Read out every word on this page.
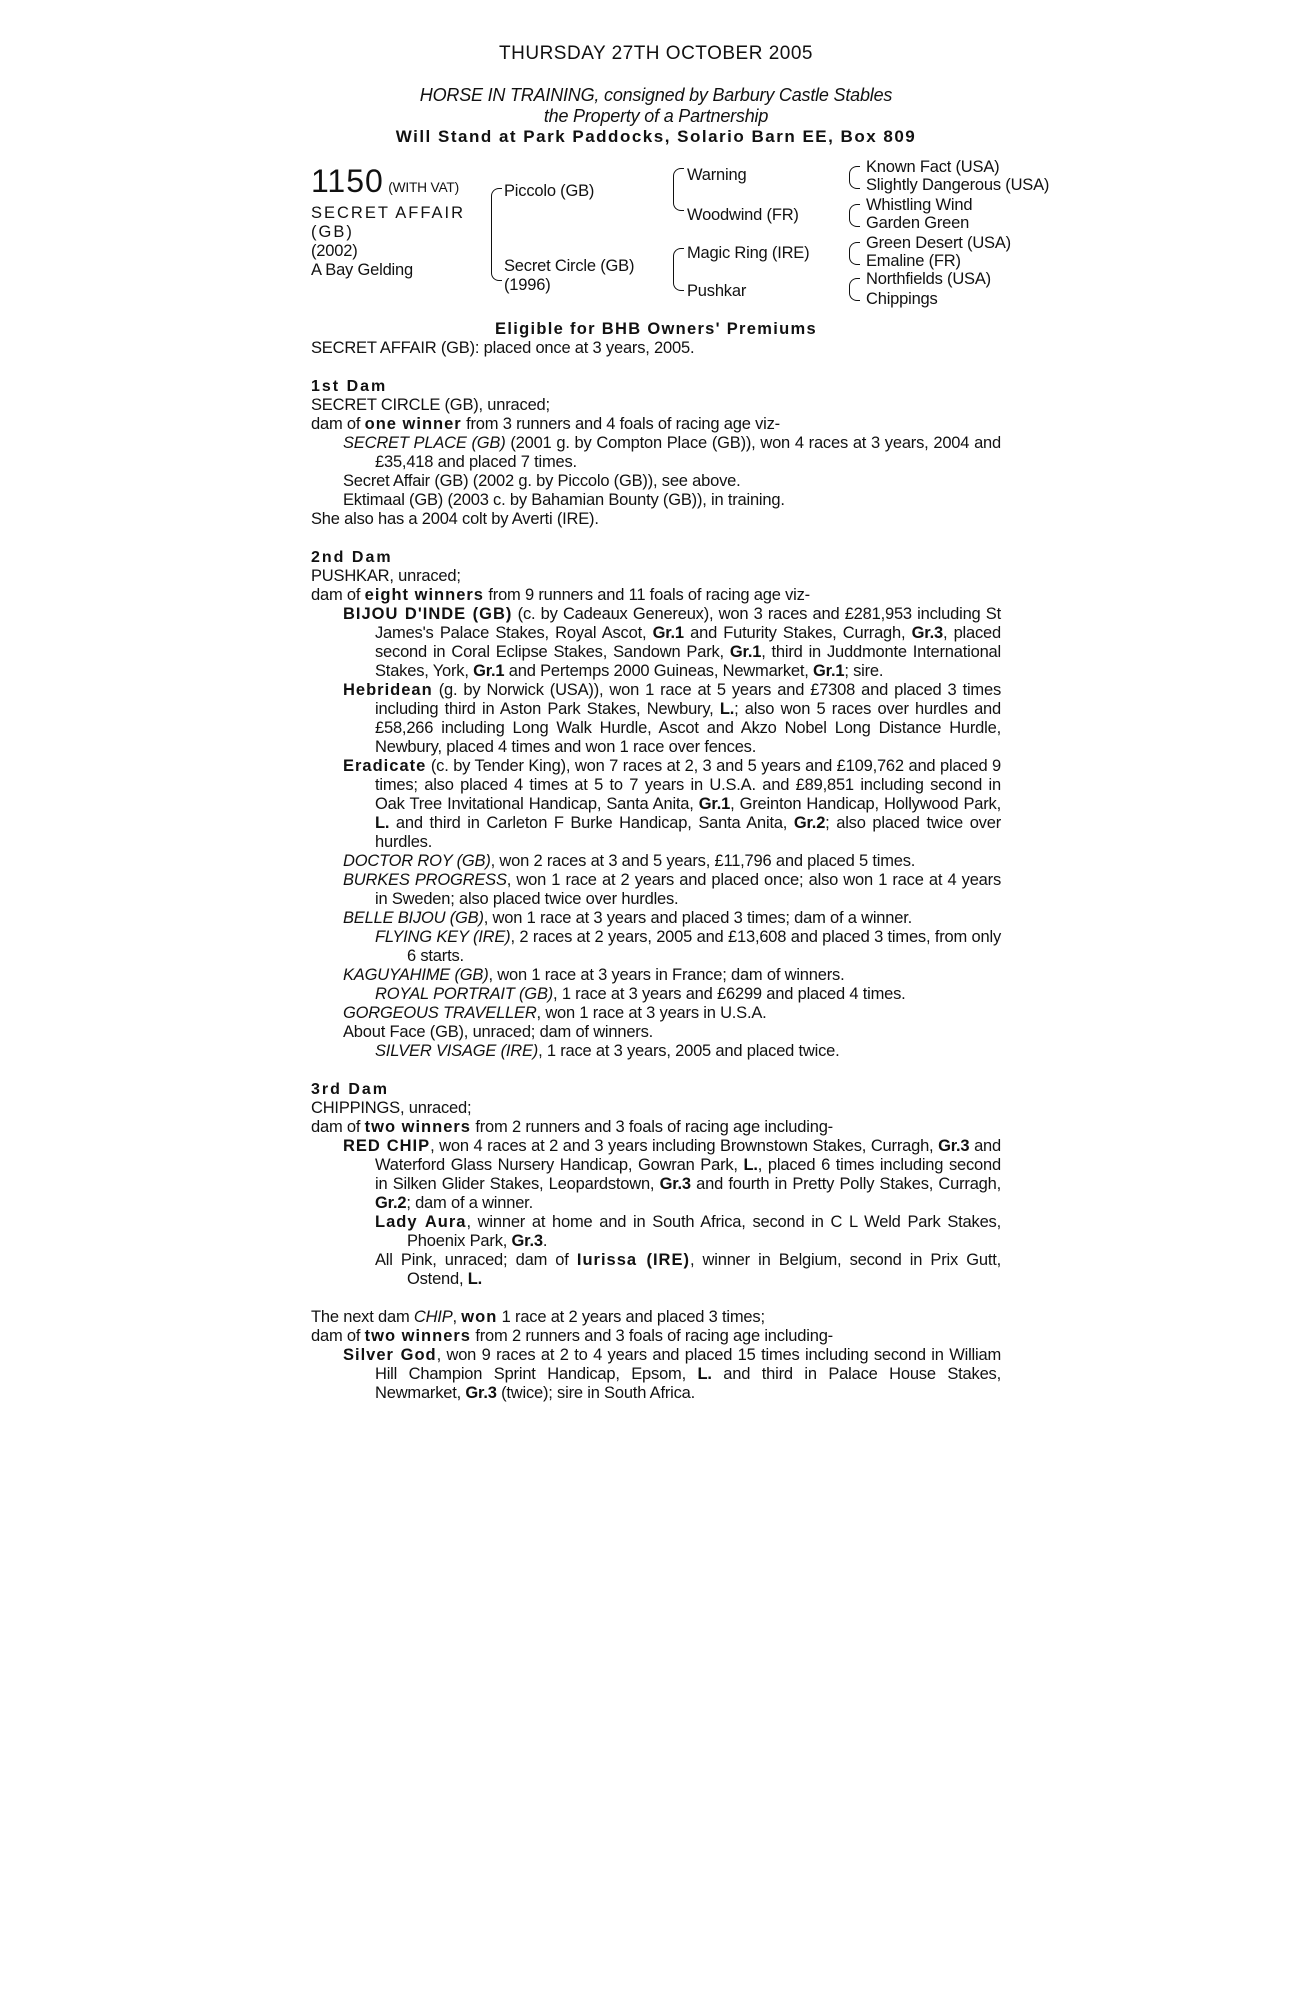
THURSDAY 27TH OCTOBER 2005
HORSE IN TRAINING, consigned by Barbury Castle Stables
the Property of a Partnership
Will Stand at Park Paddocks, Solario Barn EE, Box 809
1150 (WITH VAT)
SECRET AFFAIR
(GB)
(2002)
A Bay Gelding
Piccolo (GB)
Secret Circle (GB)
(1996)
Warning
Woodwind (FR)
Magic Ring (IRE)
Pushkar
Known Fact (USA)
Slightly Dangerous (USA)
Whistling Wind
Garden Green
Green Desert (USA)
Emaline (FR)
Northfields (USA)
Chippings
Eligible for BHB Owners' Premiums

SECRET AFFAIR (GB): placed once at 3 years, 2005.

1st Dam

SECRET CIRCLE (GB), unraced;

dam of one winner from 3 runners and 4 foals of racing age viz-

SECRET PLACE (GB) (2001 g. by Compton Place (GB)), won 4 races at 3 years, 2004 and £35,418 and placed 7 times.

Secret Affair (GB) (2002 g. by Piccolo (GB)), see above.

Ektimaal (GB) (2003 c. by Bahamian Bounty (GB)), in training.

She also has a 2004 colt by Averti (IRE).

2nd Dam

PUSHKAR, unraced;

dam of eight winners from 9 runners and 11 foals of racing age viz-

BIJOU D'INDE (GB) (c. by Cadeaux Genereux), won 3 races and £281,953 including St James's Palace Stakes, Royal Ascot, Gr.1 and Futurity Stakes, Curragh, Gr.3, placed second in Coral Eclipse Stakes, Sandown Park, Gr.1, third in Juddmonte International Stakes, York, Gr.1 and Pertemps 2000 Guineas, Newmarket, Gr.1; sire.

Hebridean (g. by Norwick (USA)), won 1 race at 5 years and £7308 and placed 3 times including third in Aston Park Stakes, Newbury, L.; also won 5 races over hurdles and £58,266 including Long Walk Hurdle, Ascot and Akzo Nobel Long Distance Hurdle, Newbury, placed 4 times and won 1 race over fences.

Eradicate (c. by Tender King), won 7 races at 2, 3 and 5 years and £109,762 and placed 9 times; also placed 4 times at 5 to 7 years in U.S.A. and £89,851 including second in Oak Tree Invitational Handicap, Santa Anita, Gr.1, Greinton Handicap, Hollywood Park, L. and third in Carleton F Burke Handicap, Santa Anita, Gr.2; also placed twice over hurdles.

DOCTOR ROY (GB), won 2 races at 3 and 5 years, £11,796 and placed 5 times.

BURKES PROGRESS, won 1 race at 2 years and placed once; also won 1 race at 4 years in Sweden; also placed twice over hurdles.

BELLE BIJOU (GB), won 1 race at 3 years and placed 3 times; dam of a winner.

FLYING KEY (IRE), 2 races at 2 years, 2005 and £13,608 and placed 3 times, from only 6 starts.

KAGUYAHIME (GB), won 1 race at 3 years in France; dam of winners.

ROYAL PORTRAIT (GB), 1 race at 3 years and £6299 and placed 4 times.

GORGEOUS TRAVELLER, won 1 race at 3 years in U.S.A.

About Face (GB), unraced; dam of winners.

SILVER VISAGE (IRE), 1 race at 3 years, 2005 and placed twice.

3rd Dam

CHIPPINGS, unraced;

dam of two winners from 2 runners and 3 foals of racing age including-

RED CHIP, won 4 races at 2 and 3 years including Brownstown Stakes, Curragh, Gr.3 and Waterford Glass Nursery Handicap, Gowran Park, L., placed 6 times including second in Silken Glider Stakes, Leopardstown, Gr.3 and fourth in Pretty Polly Stakes, Curragh, Gr.2; dam of a winner.

Lady Aura, winner at home and in South Africa, second in C L Weld Park Stakes, Phoenix Park, Gr.3.

All Pink, unraced; dam of Iurissa (IRE), winner in Belgium, second in Prix Gutt, Ostend, L.

The next dam CHIP, won 1 race at 2 years and placed 3 times;

dam of two winners from 2 runners and 3 foals of racing age including-

Silver God, won 9 races at 2 to 4 years and placed 15 times including second in William Hill Champion Sprint Handicap, Epsom, L. and third in Palace House Stakes, Newmarket, Gr.3 (twice); sire in South Africa.
